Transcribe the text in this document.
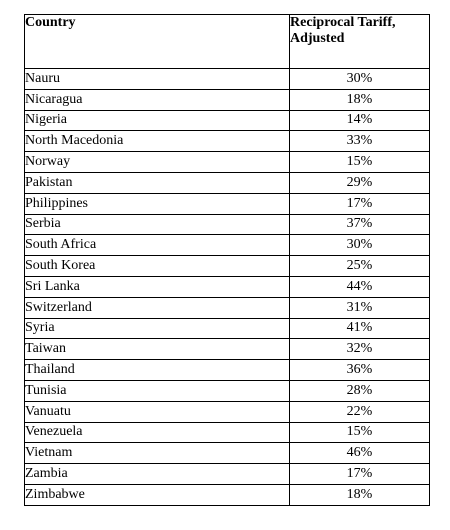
Country	Reciprocal Tariff, Adjusted
Nauru	30%
Nicaragua	18%
Nigeria	14%
North Macedonia	33%
Norway	15%
Pakistan	29%
Philippines	17%
Serbia	37%
South Africa	30%
South Korea	25%
Sri Lanka	44%
Switzerland	31%
Syria	41%
Taiwan	32%
Thailand	36%
Tunisia	28%
Vanuatu	22%
Venezuela	15%
Vietnam	46%
Zambia	17%
Zimbabwe	18%
